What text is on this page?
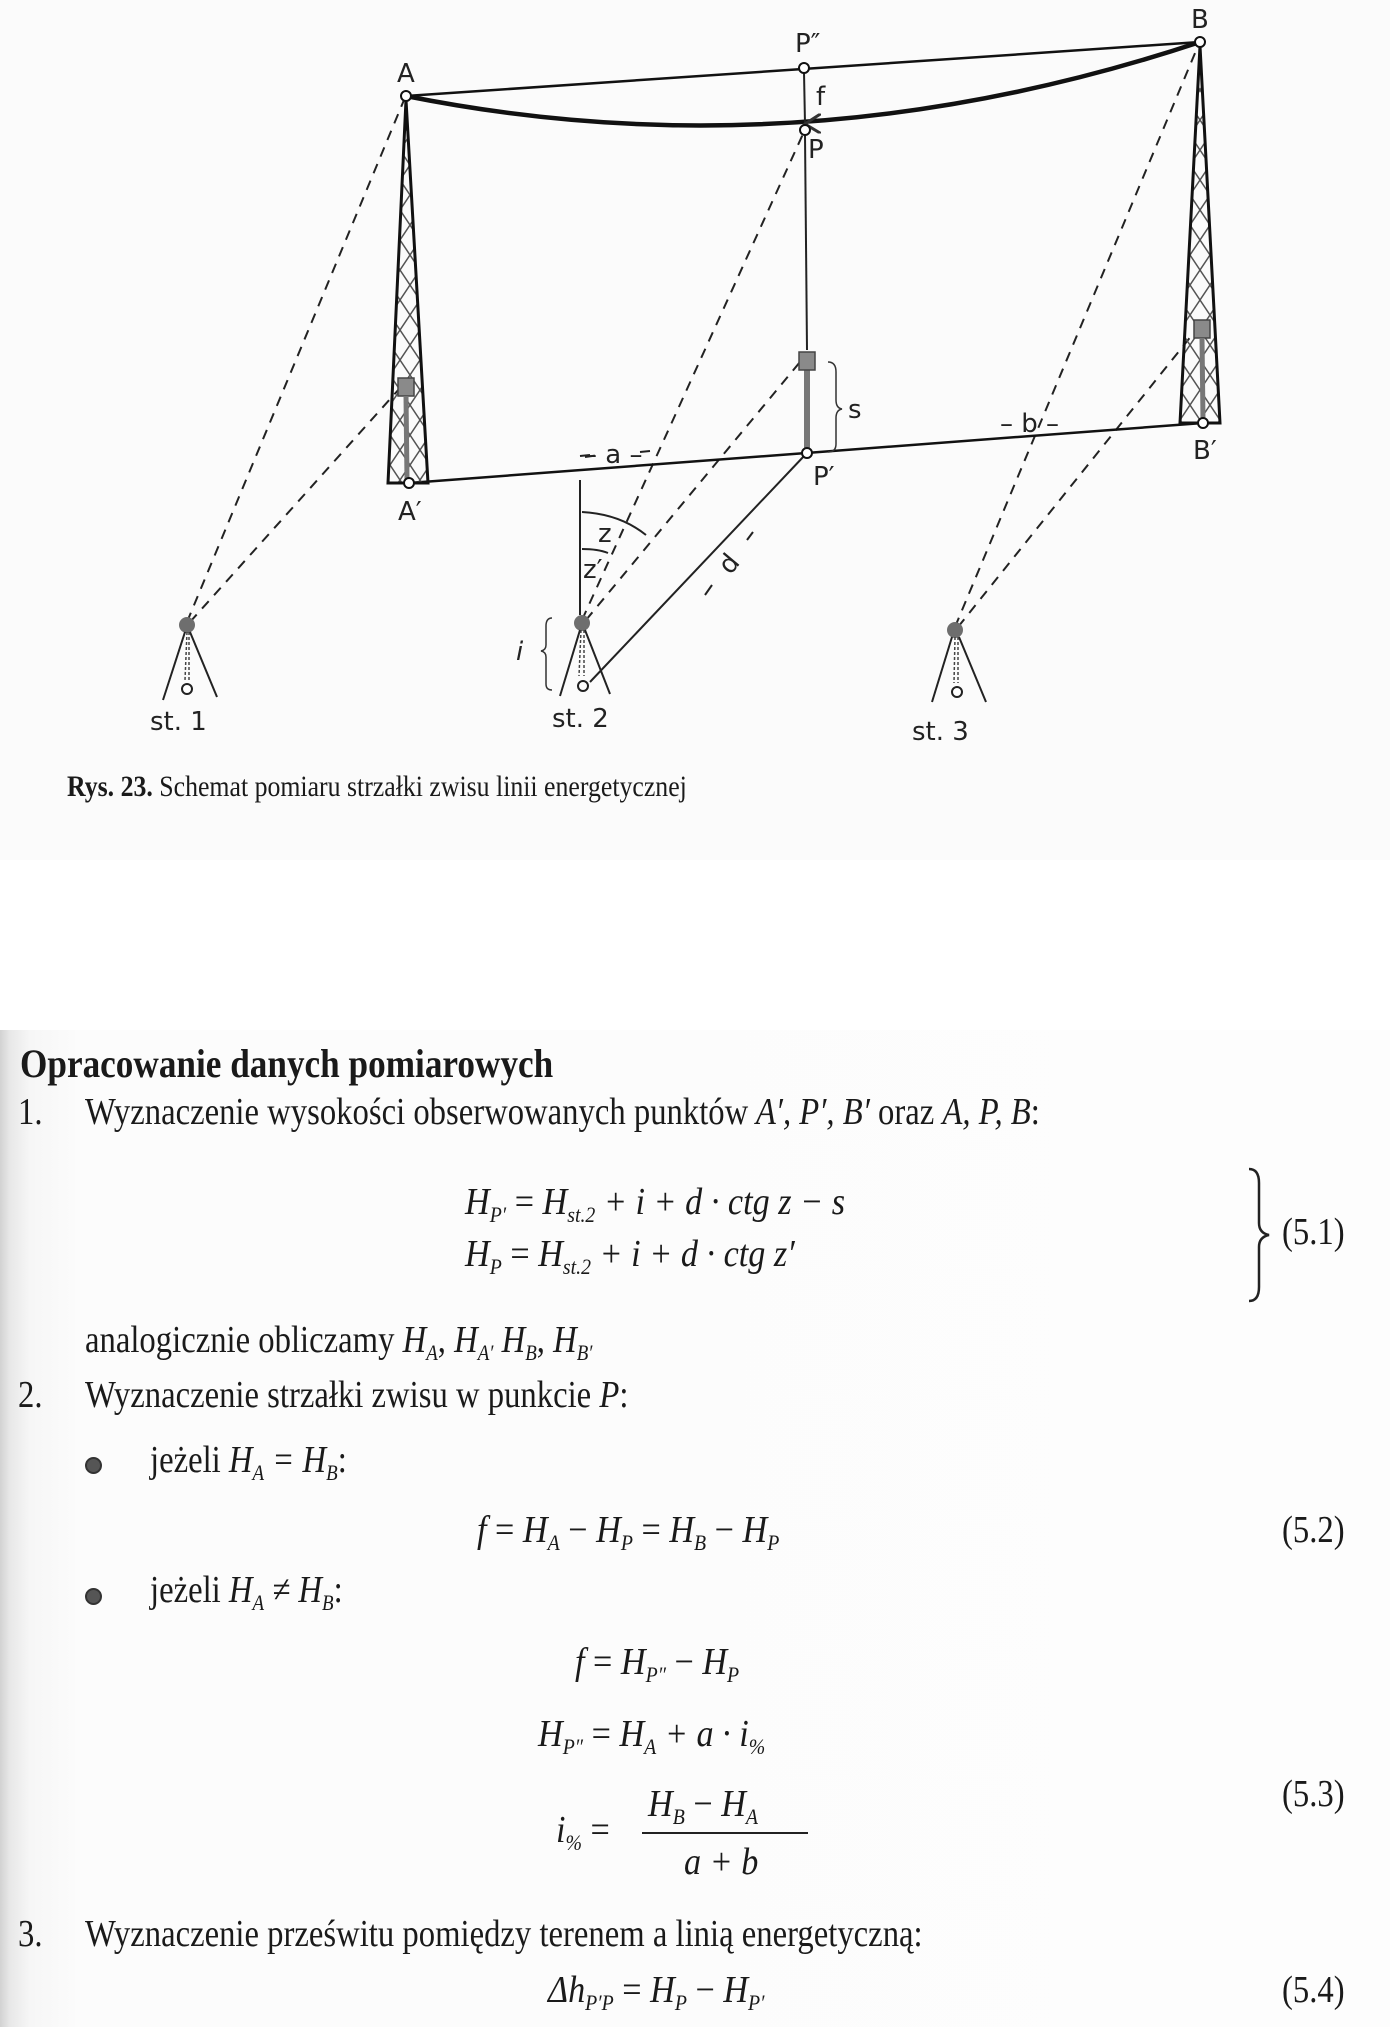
A
B
P″
f
P
s
A′
B′
P′
– a –
– b –
z
z′	d
i
st. 1	st. 2	st. 3
Rys. 23. Schemat pomiaru strzałki zwisu linii energetycznej
Opracowanie danych pomiarowych
1. Wyznaczenie wysokości obserwowanych punktów A′, P′, B′ oraz A, P, B:
$H_{P'} = H_{st.2} + i + d$ · ctg z − s
$H_P = H_{st.2} + i + d$ · ctg z′
(5.1)
analogicznie obliczamy $H_A$, $H_{A'}$ $H_B$, $H_{B'}$
2. Wyznaczenie strzałki zwisu w punkcie P:
jeżeli $H_A = H_B$:
$f = H_A - H_P = H_B - H_P$	(5.2)
jeżeli $H_A \ne H_B$:
$f = H_{P''} - H_P$
$H_{P''} = H_A + a \cdot i_{\%}$
$i_{\%}$ =
$H_B - H_A$
a + b
(5.3)
3. Wyznaczenie prześwitu pomiędzy terenem a linią energetyczną:
$\Delta h_{P'P} = H_P - H_{P'}$	(5.4)
